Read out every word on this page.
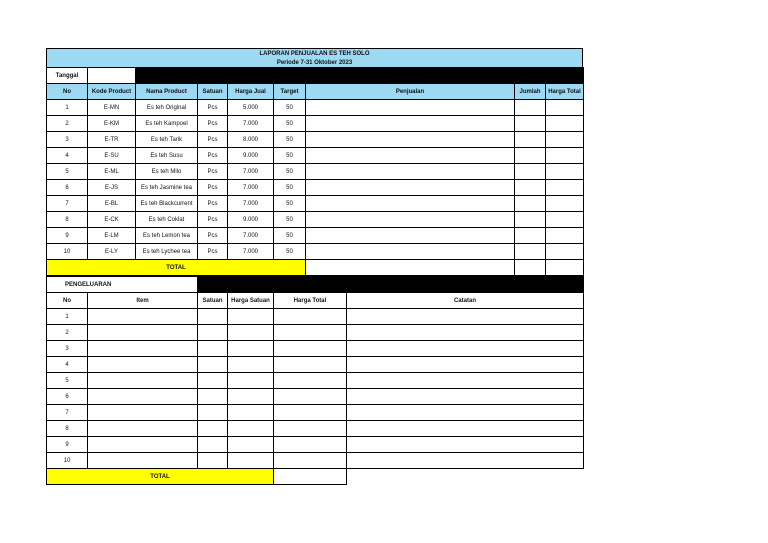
LAPORAN PENJUALAN ES TEH SOLO
Periode 7-31 Oktober 2023
Tanggal								
No	Kode Product	Nama Product	Satuan	Harga Jual	Target	Penjualan	Jumlah	Harga Total
1	E-MN	Es teh Original	Pcs	5.000	50			
2	E-KM	Es teh Kampoel	Pcs	7.000	50			
3	E-TR	Es teh Tarik	Pcs	8.000	50			
4	E-SU	Es teh Susu	Pcs	9.000	50			
5	E-ML	Es teh Milo	Pcs	7.000	50			
6	E-JS	Es teh Jasmine tea	Pcs	7.000	50			
7	E-BL	Es teh Blackcurrent	Pcs	7.000	50			
8	E-CK	Es teh Coklat	Pcs	9.000	50			
9	E-LM	Es teh Lemon tea	Pcs	7.000	50			
10	E-LY	Es teh Lychee tea	Pcs	7.000	50			
TOTAL								
PENGELUARAN					
No	Item	Satuan	Harga Satuan	Harga Total	Catatan
1					
2					
3					
4					
5					
6					
7					
8					
9					
10					
TOTAL					
